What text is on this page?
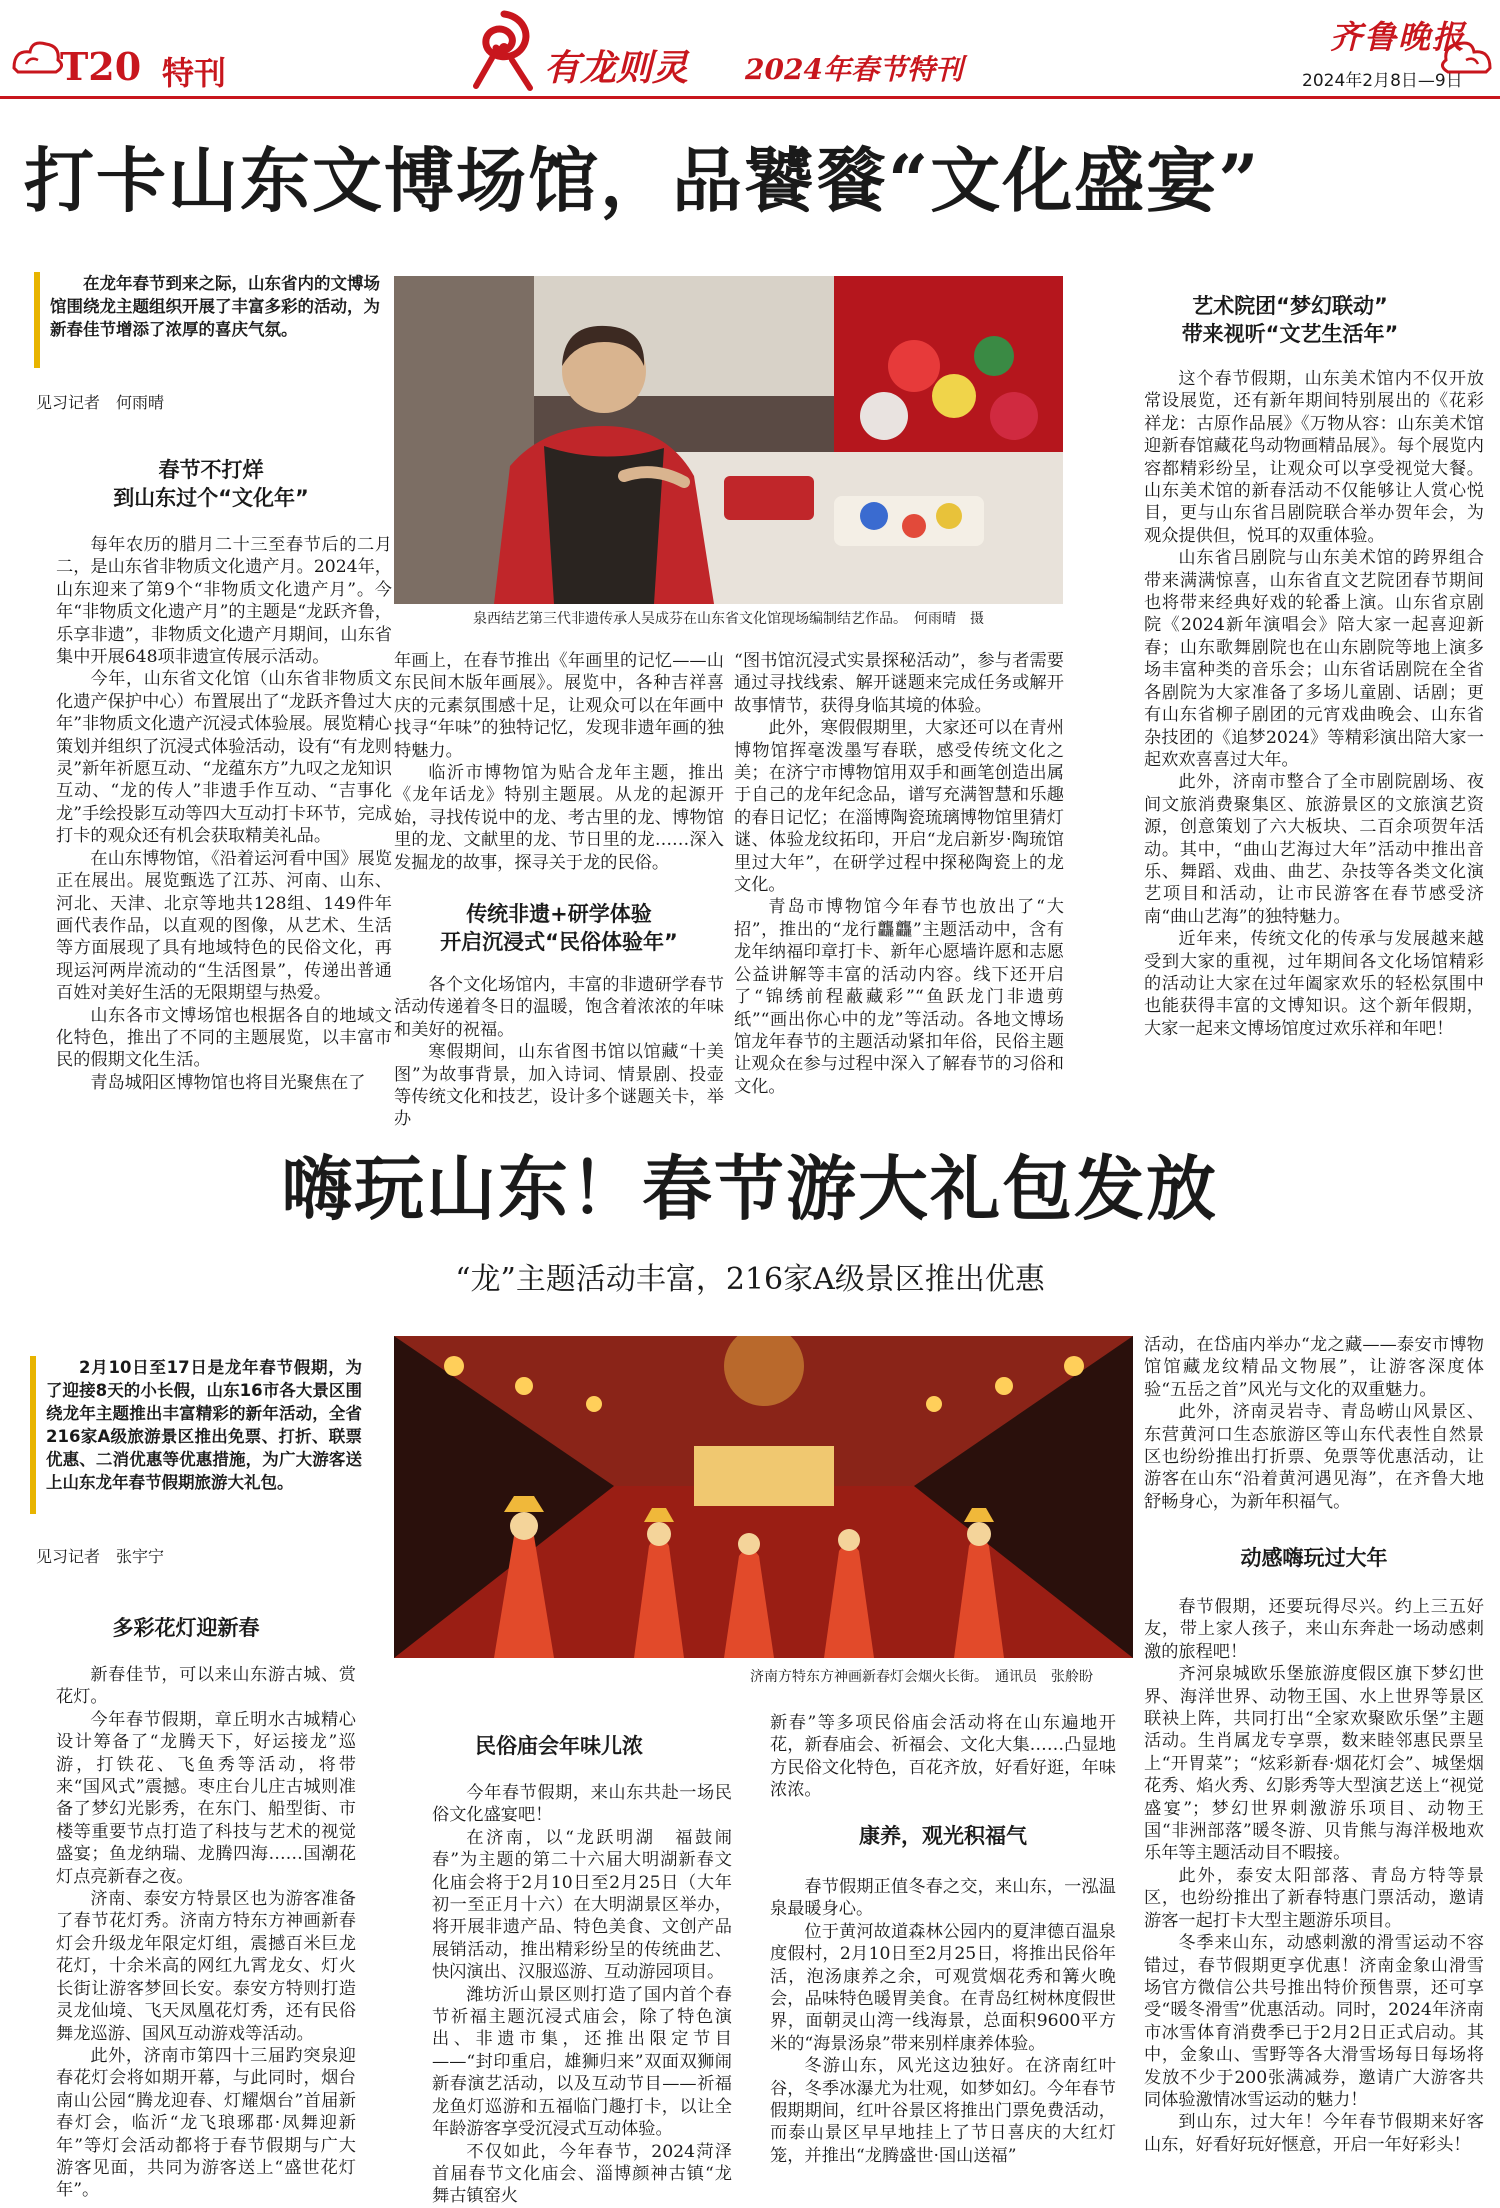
T20 特刊	有龙则灵 2024年春节特刊
齐鲁晚报
2024年2月8日—9日
打卡山东文博场馆，品饕餮“文化盛宴”
在龙年春节到来之际，山东省内的文博场馆围绕龙主题组织开展了丰富多彩的活动，为新春佳节增添了浓厚的喜庆气氛。
见习记者　何雨晴
春节不打烊
到山东过个“文化年”

每年农历的腊月二十三至春节后的二月二，是山东省非物质文化遗产月。2024年，山东迎来了第9个“非物质文化遗产月”。今年“非物质文化遗产月”的主题是“龙跃齐鲁，乐享非遗”，非物质文化遗产月期间，山东省集中开展648项非遗宣传展示活动。

今年，山东省文化馆（山东省非物质文化遗产保护中心）布置展出了“龙跃齐鲁过大年”非物质文化遗产沉浸式体验展。展览精心策划并组织了沉浸式体验活动，设有“有龙则灵”新年祈愿互动、“龙蕴东方”九叹之龙知识互动、“龙的传人”非遗手作互动、“吉事化龙”手绘投影互动等四大互动打卡环节，完成打卡的观众还有机会获取精美礼品。

在山东博物馆，《沿着运河看中国》展览正在展出。展览甄选了江苏、河南、山东、河北、天津、北京等地共128组、149件年画代表作品，以直观的图像，从艺术、生活等方面展现了具有地域特色的民俗文化，再现运河两岸流动的“生活图景”，传递出普通百姓对美好生活的无限期望与热爱。

山东各市文博场馆也根据各自的地域文化特色，推出了不同的主题展览，以丰富市民的假期文化生活。

青岛城阳区博物馆也将目光聚焦在了

泉西结艺第三代非遗传承人吴成芬在山东省文化馆现场编制结艺作品。　何雨晴　摄

年画上，在春节推出《年画里的记忆——山东民间木版年画展》。展览中，各种吉祥喜庆的元素氛围感十足，让观众可以在年画中找寻“年味”的独特记忆，发现非遗年画的独特魅力。

临沂市博物馆为贴合龙年主题，推出《龙年话龙》特别主题展。从龙的起源开始，寻找传说中的龙、考古里的龙、博物馆里的龙、文献里的龙、节日里的龙……深入发掘龙的故事，探寻关于龙的民俗。

传统非遗+研学体验
开启沉浸式“民俗体验年”

各个文化场馆内，丰富的非遗研学春节活动传递着冬日的温暖，饱含着浓浓的年味和美好的祝福。

寒假期间，山东省图书馆以馆藏“十美图”为故事背景，加入诗词、情景剧、投壶等传统文化和技艺，设计多个谜题关卡，举办

“图书馆沉浸式实景探秘活动”，参与者需要通过寻找线索、解开谜题来完成任务或解开故事情节，获得身临其境的体验。

此外，寒假假期里，大家还可以在青州博物馆挥毫泼墨写春联，感受传统文化之美；在济宁市博物馆用双手和画笔创造出属于自己的龙年纪念品，谱写充满智慧和乐趣的春日记忆；在淄博陶瓷琉璃博物馆里猜灯谜、体验龙纹拓印，开启“龙启新岁·陶琉馆里过大年”，在研学过程中探秘陶瓷上的龙文化。

青岛市博物馆今年春节也放出了“大招”，推出的“龙行龘龘”主题活动中，含有龙年纳福印章打卡、新年心愿墙许愿和志愿公益讲解等丰富的活动内容。线下还开启了“锦绣前程蔽藏彩”“鱼跃龙门非遗剪纸”“画出你心中的龙”等活动。各地文博场馆龙年春节的主题活动紧扣年俗，民俗主题让观众在参与过程中深入了解春节的习俗和文化。

艺术院团“梦幻联动”
带来视听“文艺生活年”

这个春节假期，山东美术馆内不仅开放常设展览，还有新年期间特别展出的《花彩祥龙：古原作品展》《万物从容：山东美术馆迎新春馆藏花鸟动物画精品展》。每个展览内容都精彩纷呈，让观众可以享受视觉大餐。山东美术馆的新春活动不仅能够让人赏心悦目，更与山东省吕剧院联合举办贺年会，为观众提供但，悦耳的双重体验。

山东省吕剧院与山东美术馆的跨界组合带来满满惊喜，山东省直文艺院团春节期间也将带来经典好戏的轮番上演。山东省京剧院《2024新年演唱会》陪大家一起喜迎新春；山东歌舞剧院也在山东剧院等地上演多场丰富种类的音乐会；山东省话剧院在全省各剧院为大家准备了多场儿童剧、话剧；更有山东省柳子剧团的元宵戏曲晚会、山东省杂技团的《追梦2024》等精彩演出陪大家一起欢欢喜喜过大年。

此外，济南市整合了全市剧院剧场、夜间文旅消费聚集区、旅游景区的文旅演艺资源，创意策划了六大板块、二百余项贺年活动。其中，“曲山艺海过大年”活动中推出音乐、舞蹈、戏曲、曲艺、杂技等各类文化演艺项目和活动，让市民游客在春节感受济南“曲山艺海”的独特魅力。

近年来，传统文化的传承与发展越来越受到大家的重视，过年期间各文化场馆精彩的活动让大家在过年阖家欢乐的轻松氛围中也能获得丰富的文博知识。这个新年假期，大家一起来文博场馆度过欢乐祥和年吧！

嗨玩山东！春节游大礼包发放
“龙”主题活动丰富，216家A级景区推出优惠
2月10日至17日是龙年春节假期，为了迎接8天的小长假，山东16市各大景区围绕龙年主题推出丰富精彩的新年活动，全省216家A级旅游景区推出免票、打折、联票优惠、二消优惠等优惠措施，为广大游客送上山东龙年春节假期旅游大礼包。
见习记者　张宇宁
多彩花灯迎新春

新春佳节，可以来山东游古城、赏花灯。

今年春节假期，章丘明水古城精心设计筹备了“龙腾天下，好运接龙”巡游，打铁花、飞鱼秀等活动，将带来“国风式”震撼。枣庄台儿庄古城则准备了梦幻光影秀，在东门、船型街、市楼等重要节点打造了科技与艺术的视觉盛宴；鱼龙纳瑞、龙腾四海……国潮花灯点亮新春之夜。

济南、泰安方特景区也为游客准备了春节花灯秀。济南方特东方神画新春灯会升级龙年限定灯组，震撼百米巨龙花灯，十余米高的网红九霄龙女、灯火长街让游客梦回长安。泰安方特则打造灵龙仙境、飞天凤凰花灯秀，还有民俗舞龙巡游、国风互动游戏等活动。

此外，济南市第四十三届趵突泉迎春花灯会将如期开幕，与此同时，烟台南山公园“腾龙迎春、灯耀烟台”首届新春灯会，临沂“龙飞琅琊郡·凤舞迎新年”等灯会活动都将于春节假期与广大游客见面，共同为游客送上“盛世花灯年”。

济南方特东方神画新春灯会烟火长街。　通讯员　张舲盼
民俗庙会年味儿浓

今年春节假期，来山东共赴一场民俗文化盛宴吧！

在济南，以“龙跃明湖　福鼓闹春”为主题的第二十六届大明湖新春文化庙会将于2月10日至2月25日（大年初一至正月十六）在大明湖景区举办，将开展非遗产品、特色美食、文创产品展销活动，推出精彩纷呈的传统曲艺、快闪演出、汉服巡游、互动游园项目。

潍坊沂山景区则打造了国内首个春节祈福主题沉浸式庙会，除了特色演出、非遗市集，还推出限定节目——“封印重启，雄狮归来”双面双狮闹新春演艺活动，以及互动节目——祈福龙鱼灯巡游和五福临门趣打卡，以让全年龄游客享受沉浸式互动体验。

不仅如此，今年春节，2024菏泽首届春节文化庙会、淄博颜神古镇“龙舞古镇窑火

新春”等多项民俗庙会活动将在山东遍地开花，新春庙会、祈福会、文化大集……凸显地方民俗文化特色，百花齐放，好看好逛，年味浓浓。

康养，观光积福气

春节假期正值冬春之交，来山东，一泓温泉最暖身心。

位于黄河故道森林公园内的夏津德百温泉度假村，2月10日至2月25日，将推出民俗年活，泡汤康养之余，可观赏烟花秀和篝火晚会，品味特色暖胃美食。在青岛红树林度假世界，面朝灵山湾一线海景，总面积9600平方米的“海景汤泉”带来别样康养体验。

冬游山东，风光这边独好。在济南红叶谷，冬季冰瀑尤为壮观，如梦如幻。今年春节假期期间，红叶谷景区将推出门票免费活动，而泰山景区早早地挂上了节日喜庆的大红灯笼，并推出“龙腾盛世·国山送福”

活动，在岱庙内举办“龙之藏——泰安市博物馆馆藏龙纹精品文物展”，让游客深度体验“五岳之首”风光与文化的双重魅力。

此外，济南灵岩寺、青岛崂山风景区、东营黄河口生态旅游区等山东代表性自然景区也纷纷推出打折票、免票等优惠活动，让游客在山东“沿着黄河遇见海”，在齐鲁大地舒畅身心，为新年积福气。

动感嗨玩过大年

春节假期，还要玩得尽兴。约上三五好友，带上家人孩子，来山东奔赴一场动感刺激的旅程吧！

齐河泉城欧乐堡旅游度假区旗下梦幻世界、海洋世界、动物王国、水上世界等景区联袂上阵，共同打出“全家欢聚欧乐堡”主题活动。生肖属龙专享票，数来睦邻惠民票呈上“开胃菜”；“炫彩新春·烟花灯会”、城堡烟花秀、焰火秀、幻影秀等大型演艺送上“视觉盛宴”；梦幻世界刺激游乐项目、动物王国“非洲部落”暖冬游、贝肯熊与海洋极地欢乐年等主题活动目不暇接。

此外，泰安太阳部落、青岛方特等景区，也纷纷推出了新春特惠门票活动，邀请游客一起打卡大型主题游乐项目。

冬季来山东，动感刺激的滑雪运动不容错过，春节假期更享优惠！济南金象山滑雪场官方微信公共号推出特价预售票，还可享受“暖冬滑雪”优惠活动。同时，2024年济南市冰雪体育消费季已于2月2日正式启动。其中，金象山、雪野等各大滑雪场每日每场将发放不少于200张满减券，邀请广大游客共同体验激情冰雪运动的魅力！

到山东，过大年！今年春节假期来好客山东，好看好玩好惬意，开启一年好彩头！
